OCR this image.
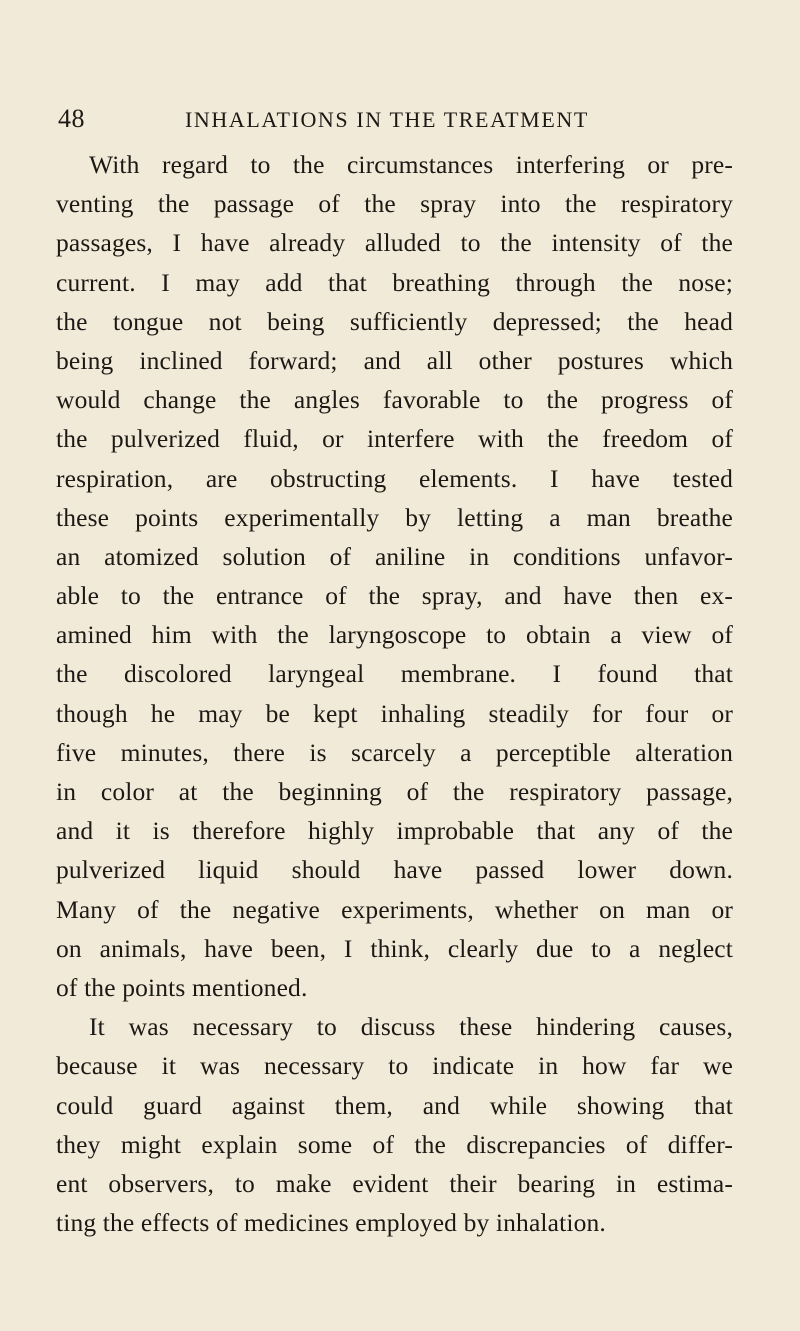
48	INHALATIONS IN THE TREATMENT
With regard to the circumstances interfering or pre-
venting the passage of the spray into the respiratory
passages, I have already alluded to the intensity of the
current. I may add that breathing through the nose;
the tongue not being sufficiently depressed; the head
being inclined forward; and all other postures which
would change the angles favorable to the progress of
the pulverized fluid, or interfere with the freedom of
respiration, are obstructing elements. I have tested
these points experimentally by letting a man breathe
an atomized solution of aniline in conditions unfavor-
able to the entrance of the spray, and have then ex-
amined him with the laryngoscope to obtain a view of
the discolored laryngeal membrane. I found that
though he may be kept inhaling steadily for four or
five minutes, there is scarcely a perceptible alteration
in color at the beginning of the respiratory passage,
and it is therefore highly improbable that any of the
pulverized liquid should have passed lower down.
Many of the negative experiments, whether on man or
on animals, have been, I think, clearly due to a neglect
of the points mentioned.
It was necessary to discuss these hindering causes,
because it was necessary to indicate in how far we
could guard against them, and while showing that
they might explain some of the discrepancies of differ-
ent observers, to make evident their bearing in estima-
ting the effects of medicines employed by inhalation.
